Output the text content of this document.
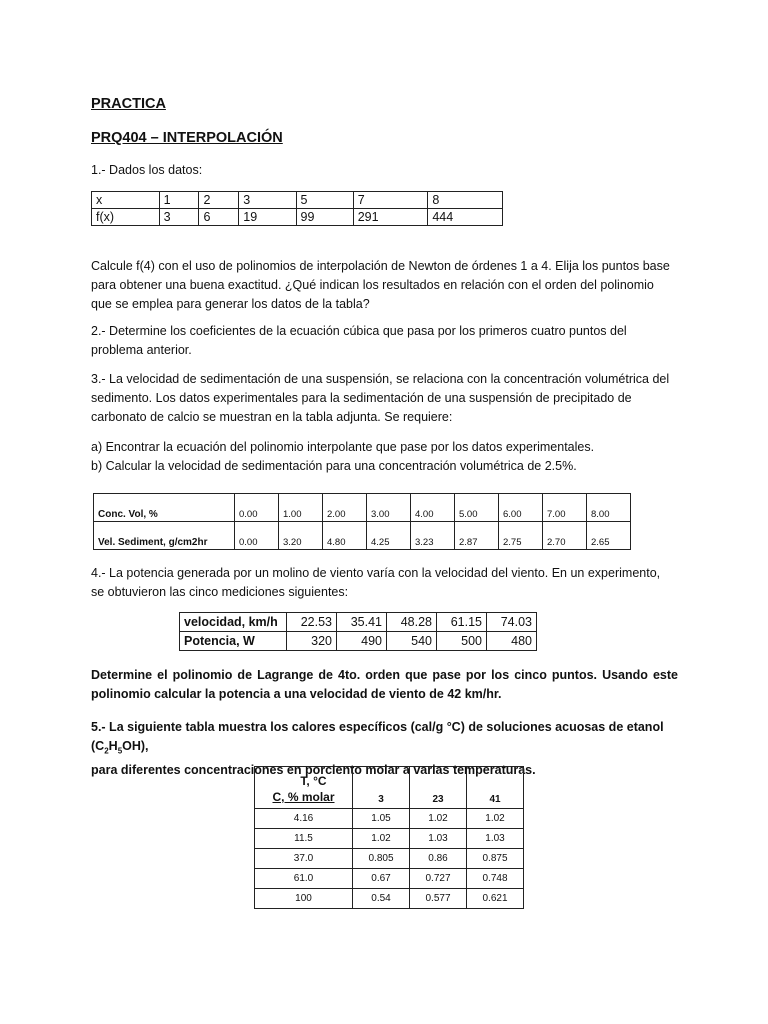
PRACTICA
PRQ404 – INTERPOLACIÓN
1.- Dados los datos:
x	1	2	3	5	7	8
f(x)	3	6	19	99	291	444
Calcule f(4) con el uso de polinomios de interpolación de Newton de órdenes 1 a 4. Elija los puntos base
para obtener una buena exactitud. ¿Qué indican los resultados en relación con el orden del polinomio
que se emplea para generar los datos de la tabla?
2.- Determine los coeficientes de la ecuación cúbica que pasa por los primeros cuatro puntos del
problema anterior.
3.- La velocidad de sedimentación de una suspensión, se relaciona con la concentración volumétrica del
sedimento. Los datos experimentales para la sedimentación de una suspensión de precipitado de
carbonato de calcio se muestran en la tabla adjunta. Se requiere:
a) Encontrar la ecuación del polinomio interpolante que pase por los datos experimentales.
b) Calcular la velocidad de sedimentación para una concentración volumétrica de 2.5%.
Conc. Vol, %	0.00	1.00	2.00	3.00	4.00	5.00	6.00	7.00	8.00
Vel. Sediment, g/cm2hr	0.00	3.20	4.80	4.25	3.23	2.87	2.75	2.70	2.65
4.- La potencia generada por un molino de viento varía con la velocidad del viento. En un experimento,
se obtuvieron las cinco mediciones siguientes:
velocidad, km/h	22.53	35.41	48.28	61.15	74.03
Potencia, W	320	490	540	500	480
Determine el polinomio de Lagrange de 4to. orden que pase por los cinco puntos. Usando este
polinomio calcular la potencia a una velocidad de viento de 42 km/hr.
5.- La siguiente tabla muestra los calores específicos (cal/g °C) de soluciones acuosas de etanol $(C_2H_5OH)$,
para diferentes concentraciones en porciento molar a varias temperaturas.
T, °C
C, % molar	3	23	41
4.16	1.05	1.02	1.02
11.5	1.02	1.03	1.03
37.0	0.805	0.86	0.875
61.0	0.67	0.727	0.748
100	0.54	0.577	0.621
